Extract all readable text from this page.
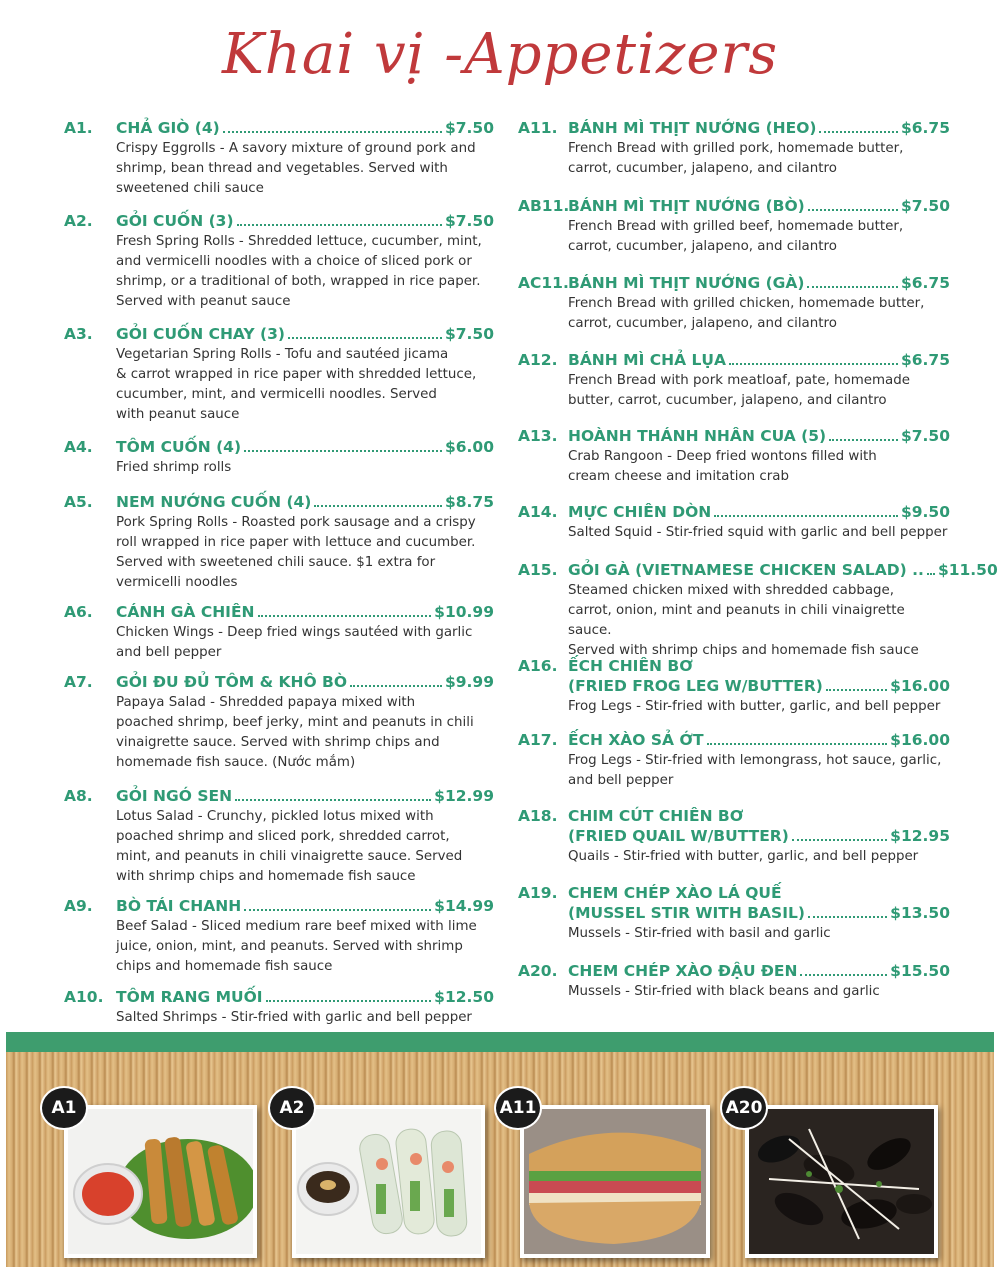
Khai vị -Appetizers
A1.	CHẢ GIÒ (4)	$7.50
Crispy Eggrolls - A savory mixture of ground pork and
shrimp, bean thread and vegetables. Served with
sweetened chili sauce
A2.	GỎI CUỐN (3)	$7.50
Fresh Spring Rolls - Shredded lettuce, cucumber, mint,
and vermicelli noodles with a choice of sliced pork or
shrimp, or a traditional of both, wrapped in rice paper.
Served with peanut sauce
A3.	GỎI CUỐN CHAY (3)	$7.50
Vegetarian Spring Rolls - Tofu and sautéed jicama
& carrot wrapped in rice paper with shredded lettuce,
cucumber, mint, and vermicelli noodles. Served
with peanut sauce
A4.	TÔM CUỐN (4)	$6.00
Fried shrimp rolls
A5.	NEM NƯỚNG CUỐN (4)	$8.75
Pork Spring Rolls - Roasted pork sausage and a crispy
roll wrapped in rice paper with lettuce and cucumber.
Served with sweetened chili sauce. $1 extra for
vermicelli noodles
A6.	CÁNH GÀ CHIÊN	$10.99
Chicken Wings - Deep fried wings sautéed with garlic
and bell pepper
A7.	GỎI ĐU ĐỦ TÔM & KHÔ BÒ	$9.99
Papaya Salad - Shredded papaya mixed with
poached shrimp, beef jerky, mint and peanuts in chili
vinaigrette sauce. Served with shrimp chips and
homemade fish sauce. (Nước mắm)
A8.	GỎI NGÓ SEN	$12.99
Lotus Salad - Crunchy, pickled lotus mixed with
poached shrimp and sliced pork, shredded carrot,
mint, and peanuts in chili vinaigrette sauce. Served
with shrimp chips and homemade fish sauce
A9.	BÒ TÁI CHANH	$14.99
Beef Salad - Sliced medium rare beef mixed with lime
juice, onion, mint, and peanuts. Served with shrimp
chips and homemade fish sauce
A10. TÔM RANG MUỐI	$12.50
Salted Shrimps - Stir-fried with garlic and bell pepper
A11. BÁNH MÌ THỊT NƯỚNG (HEO)	$6.75
French Bread with grilled pork, homemade butter,
carrot, cucumber, jalapeno, and cilantro
AB11.
BÁNH MÌ THỊT NƯỚNG (BÒ)	$7.50
French Bread with grilled beef, homemade butter,
carrot, cucumber, jalapeno, and cilantro
AC11. BÁNH MÌ THỊT NƯỚNG (GÀ)	$6.75
French Bread with grilled chicken, homemade butter,
carrot, cucumber, jalapeno, and cilantro
A12. BÁNH MÌ CHẢ LỤA	$6.75
French Bread with pork meatloaf, pate, homemade
butter, carrot, cucumber, jalapeno, and cilantro
A13. HOÀNH THÁNH NHÂN CUA (5)	$7.50
Crab Rangoon - Deep fried wontons filled with
cream cheese and imitation crab
A14. MỰC CHIÊN DÒN	$9.50
Salted Squid - Stir-fried squid with garlic and bell pepper
A15. GỎI GÀ (VIETNAMESE CHICKEN SALAD) .. $11.50
Steamed chicken mixed with shredded cabbage,
carrot, onion, mint and peanuts in chili vinaigrette sauce.
Served with shrimp chips and homemade fish sauce
A16. ẾCH CHIÊN BƠ
(FRIED FROG LEG W/BUTTER)	$16.00
Frog Legs - Stir-fried with butter, garlic, and bell pepper
A17. ẾCH XÀO SẢ ỚT	$16.00
Frog Legs - Stir-fried with lemongrass, hot sauce, garlic,
and bell pepper
A18. CHIM CÚT CHIÊN BƠ
(FRIED QUAIL W/BUTTER)	$12.95
Quails - Stir-fried with butter, garlic, and bell pepper
A19. CHEM CHÉP XÀO LÁ QUẾ
(MUSSEL STIR WITH BASIL)	$13.50
Mussels - Stir-fried with basil and garlic
A20. CHEM CHÉP XÀO ĐẬU ĐEN	$15.50
Mussels - Stir-fried with black beans and garlic
A1	A2	A11	A20
